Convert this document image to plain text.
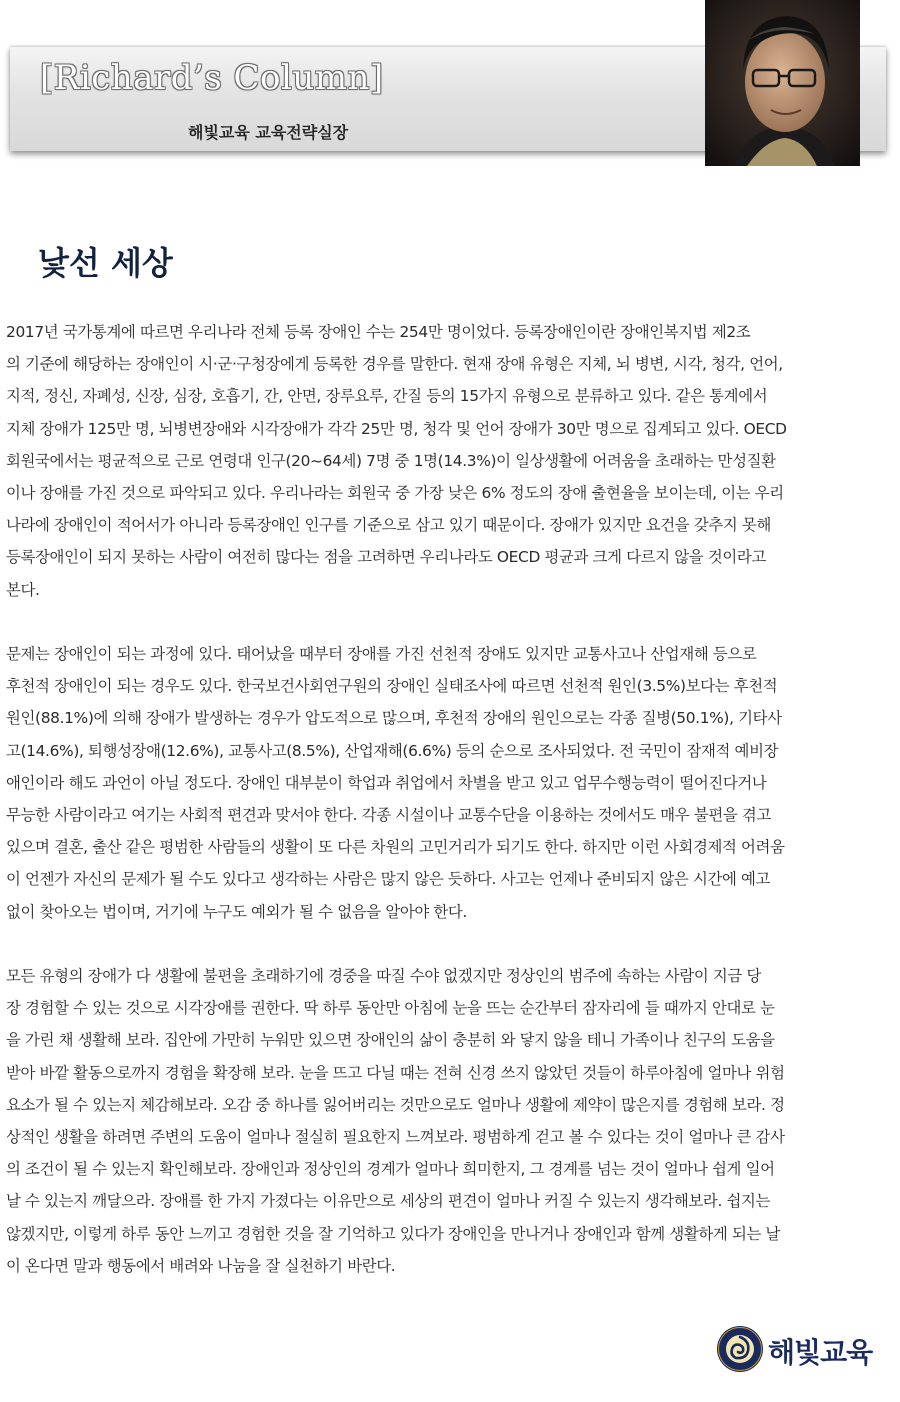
[Richard’s Column]
해빛교육 교육전략실장
낯선 세상

2017년 국가통계에 따르면 우리나라 전체 등록 장애인 수는 254만 명이었다. 등록장애인이란 장애인복지법 제2조

의 기준에 해당하는 장애인이 시·군·구청장에게 등록한 경우를 말한다. 현재 장애 유형은 지체, 뇌 병변, 시각, 청각, 언어,

지적, 정신, 자폐성, 신장, 심장, 호흡기, 간, 안면, 장루요루, 간질 등의 15가지 유형으로 분류하고 있다. 같은 통계에서

지체 장애가 125만 명, 뇌병변장애와 시각장애가 각각 25만 명, 청각 및 언어 장애가 30만 명으로 집계되고 있다. OECD

회원국에서는 평균적으로 근로 연령대 인구(20~64세) 7명 중 1명(14.3%)이 일상생활에 어려움을 초래하는 만성질환

이나 장애를 가진 것으로 파악되고 있다. 우리나라는 회원국 중 가장 낮은 6% 정도의 장애 출현율을 보이는데, 이는 우리

나라에 장애인이 적어서가 아니라 등록장애인 인구를 기준으로 삼고 있기 때문이다. 장애가 있지만 요건을 갖추지 못해

등록장애인이 되지 못하는 사람이 여전히 많다는 점을 고려하면 우리나라도 OECD 평균과 크게 다르지 않을 것이라고

본다.

문제는 장애인이 되는 과정에 있다. 태어났을 때부터 장애를 가진 선천적 장애도 있지만 교통사고나 산업재해 등으로

후천적 장애인이 되는 경우도 있다. 한국보건사회연구원의 장애인 실태조사에 따르면 선천적 원인(3.5%)보다는 후천적

원인(88.1%)에 의해 장애가 발생하는 경우가 압도적으로 많으며, 후천적 장애의 원인으로는 각종 질병(50.1%), 기타사

고(14.6%), 퇴행성장애(12.6%), 교통사고(8.5%), 산업재해(6.6%) 등의 순으로 조사되었다. 전 국민이 잠재적 예비장

애인이라 해도 과언이 아닐 정도다. 장애인 대부분이 학업과 취업에서 차별을 받고 있고 업무수행능력이 떨어진다거나

무능한 사람이라고 여기는 사회적 편견과 맞서야 한다. 각종 시설이나 교통수단을 이용하는 것에서도 매우 불편을 겪고

있으며 결혼, 출산 같은 평범한 사람들의 생활이 또 다른 차원의 고민거리가 되기도 한다. 하지만 이런 사회경제적 어려움

이 언젠가 자신의 문제가 될 수도 있다고 생각하는 사람은 많지 않은 듯하다. 사고는 언제나 준비되지 않은 시간에 예고

없이 찾아오는 법이며, 거기에 누구도 예외가 될 수 없음을 알아야 한다.

모든 유형의 장애가 다 생활에 불편을 초래하기에 경중을 따질 수야 없겠지만 정상인의 범주에 속하는 사람이 지금 당

장 경험할 수 있는 것으로 시각장애를 권한다. 딱 하루 동안만 아침에 눈을 뜨는 순간부터 잠자리에 들 때까지 안대로 눈

을 가린 채 생활해 보라. 집안에 가만히 누워만 있으면 장애인의 삶이 충분히 와 닿지 않을 테니 가족이나 친구의 도움을

받아 바깥 활동으로까지 경험을 확장해 보라. 눈을 뜨고 다닐 때는 전혀 신경 쓰지 않았던 것들이 하루아침에 얼마나 위험

요소가 될 수 있는지 체감해보라. 오감 중 하나를 잃어버리는 것만으로도 얼마나 생활에 제약이 많은지를 경험해 보라. 정

상적인 생활을 하려면 주변의 도움이 얼마나 절실히 필요한지 느껴보라. 평범하게 걷고 볼 수 있다는 것이 얼마나 큰 감사

의 조건이 될 수 있는지 확인해보라. 장애인과 정상인의 경계가 얼마나 희미한지, 그 경계를 넘는 것이 얼마나 쉽게 일어

날 수 있는지 깨달으라. 장애를 한 가지 가졌다는 이유만으로 세상의 편견이 얼마나 커질 수 있는지 생각해보라. 쉽지는

않겠지만, 이렇게 하루 동안 느끼고 경험한 것을 잘 기억하고 있다가 장애인을 만나거나 장애인과 함께 생활하게 되는 날

이 온다면 말과 행동에서 배려와 나눔을 잘 실천하기 바란다.

해빛교육
